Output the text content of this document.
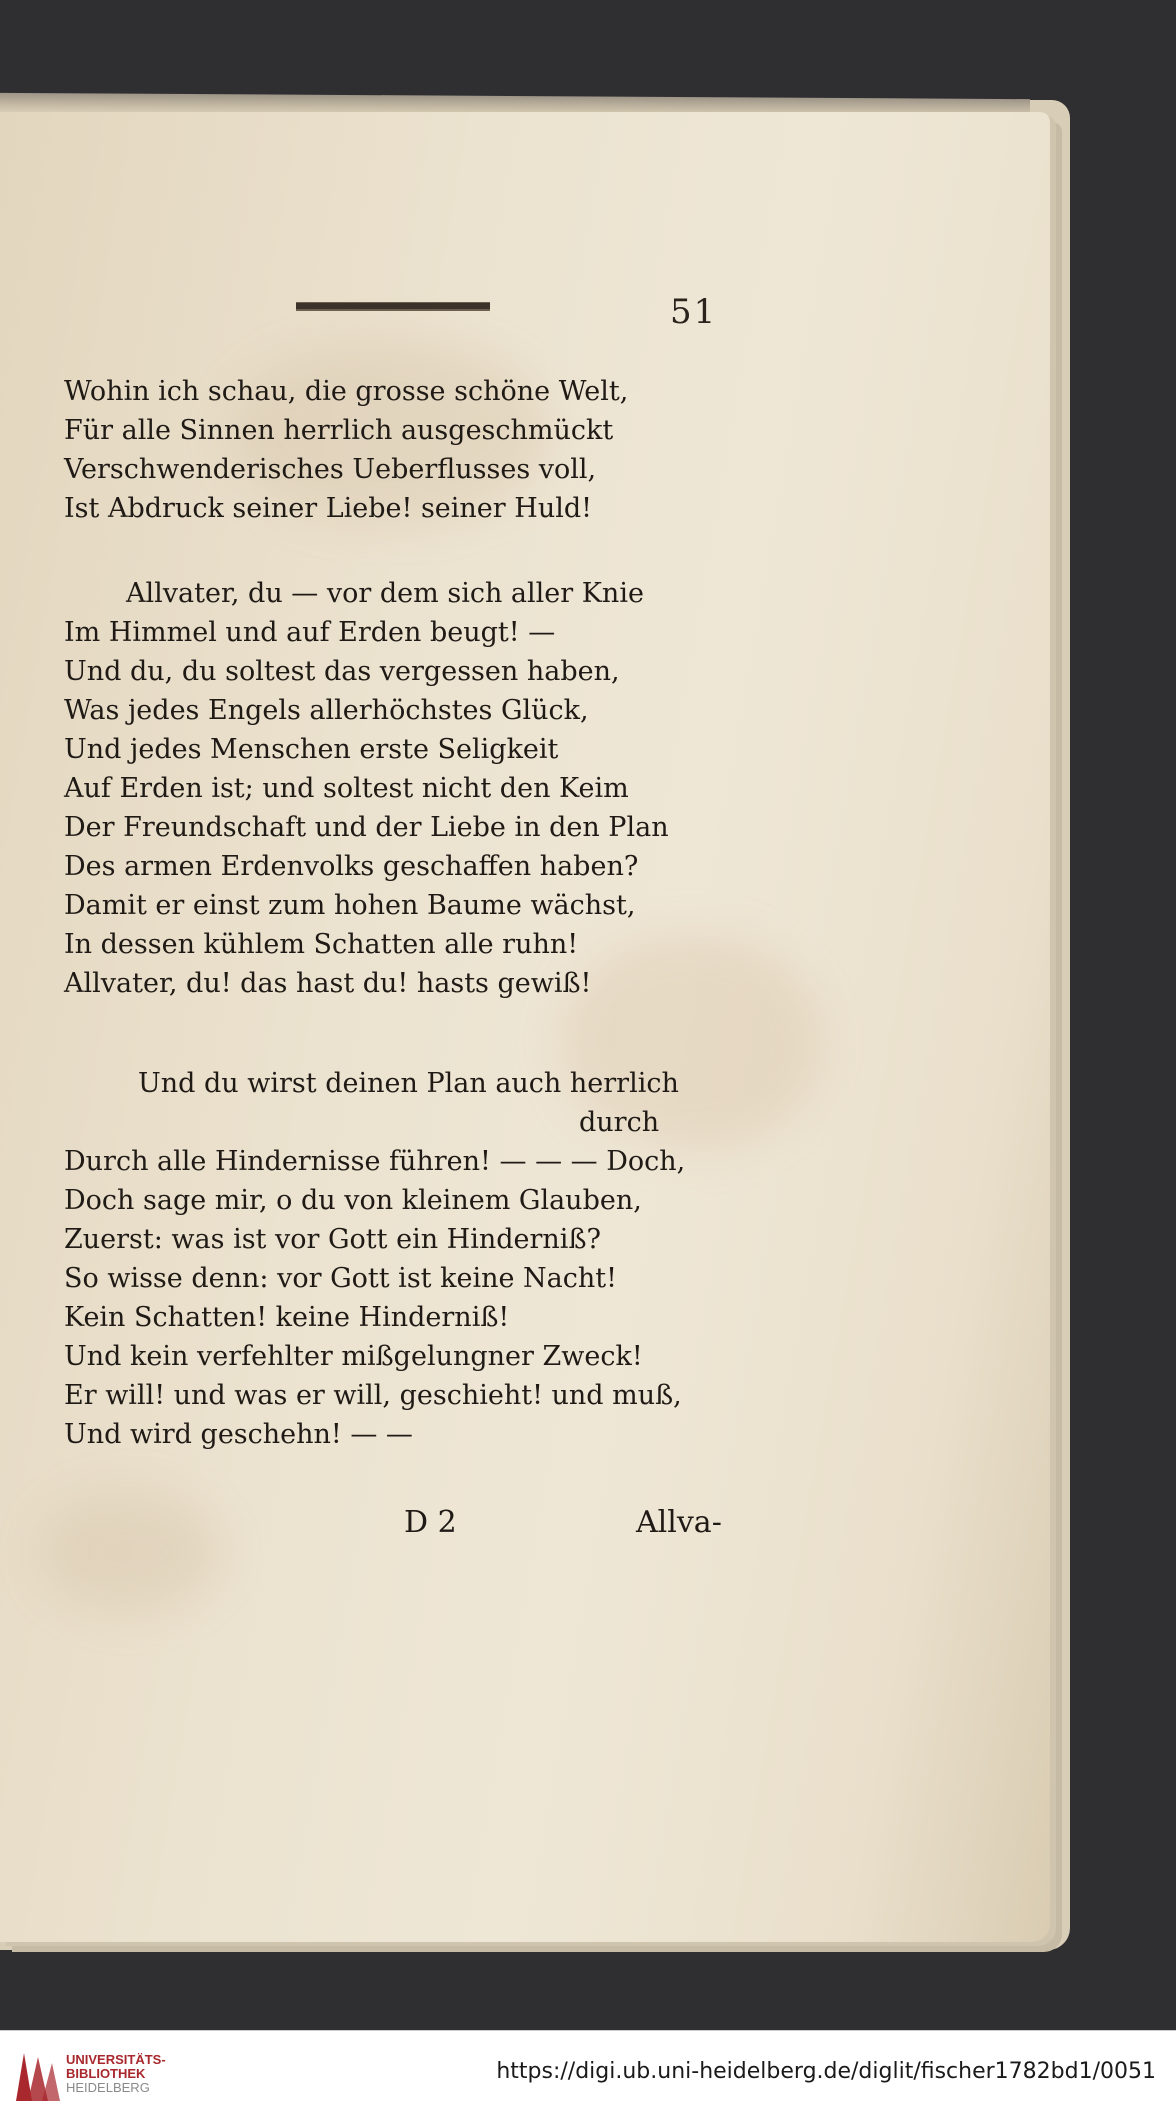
51
Wohin ich schau, die grosse schöne Welt,
Für alle Sinnen herrlich ausgeschmückt
Verschwenderisches Ueberflusses voll,
Ist Abdruck seiner Liebe! seiner Huld!
Allvater, du — vor dem sich aller Knie
Im Himmel und auf Erden beugt! —
Und du, du soltest das vergessen haben,
Was jedes Engels allerhöchstes Glück,
Und jedes Menschen erste Seligkeit
Auf Erden ist; und soltest nicht den Keim
Der Freundschaft und der Liebe in den Plan
Des armen Erdenvolks geschaffen haben?
Damit er einst zum hohen Baume wächst,
In dessen kühlem Schatten alle ruhn!
Allvater, du! das hast du! hasts gewiß!
Und du wirst deinen Plan auch herrlich
durch
Durch alle Hindernisse führen! — — — Doch,
Doch sage mir, o du von kleinem Glauben,
Zuerst: was ist vor Gott ein Hinderniß?
So wisse denn: vor Gott ist keine Nacht!
Kein Schatten! keine Hinderniß!
Und kein verfehlter mißgelungner Zweck!
Er will! und was er will, geschieht! und muß,
Und wird geschehn! — —
D 2	Allva-
UNIVERSITÄTS-
BIBLIOTHEK
HEIDELBERG
https://digi.ub.uni-heidelberg.de/diglit/fischer1782bd1/0051
